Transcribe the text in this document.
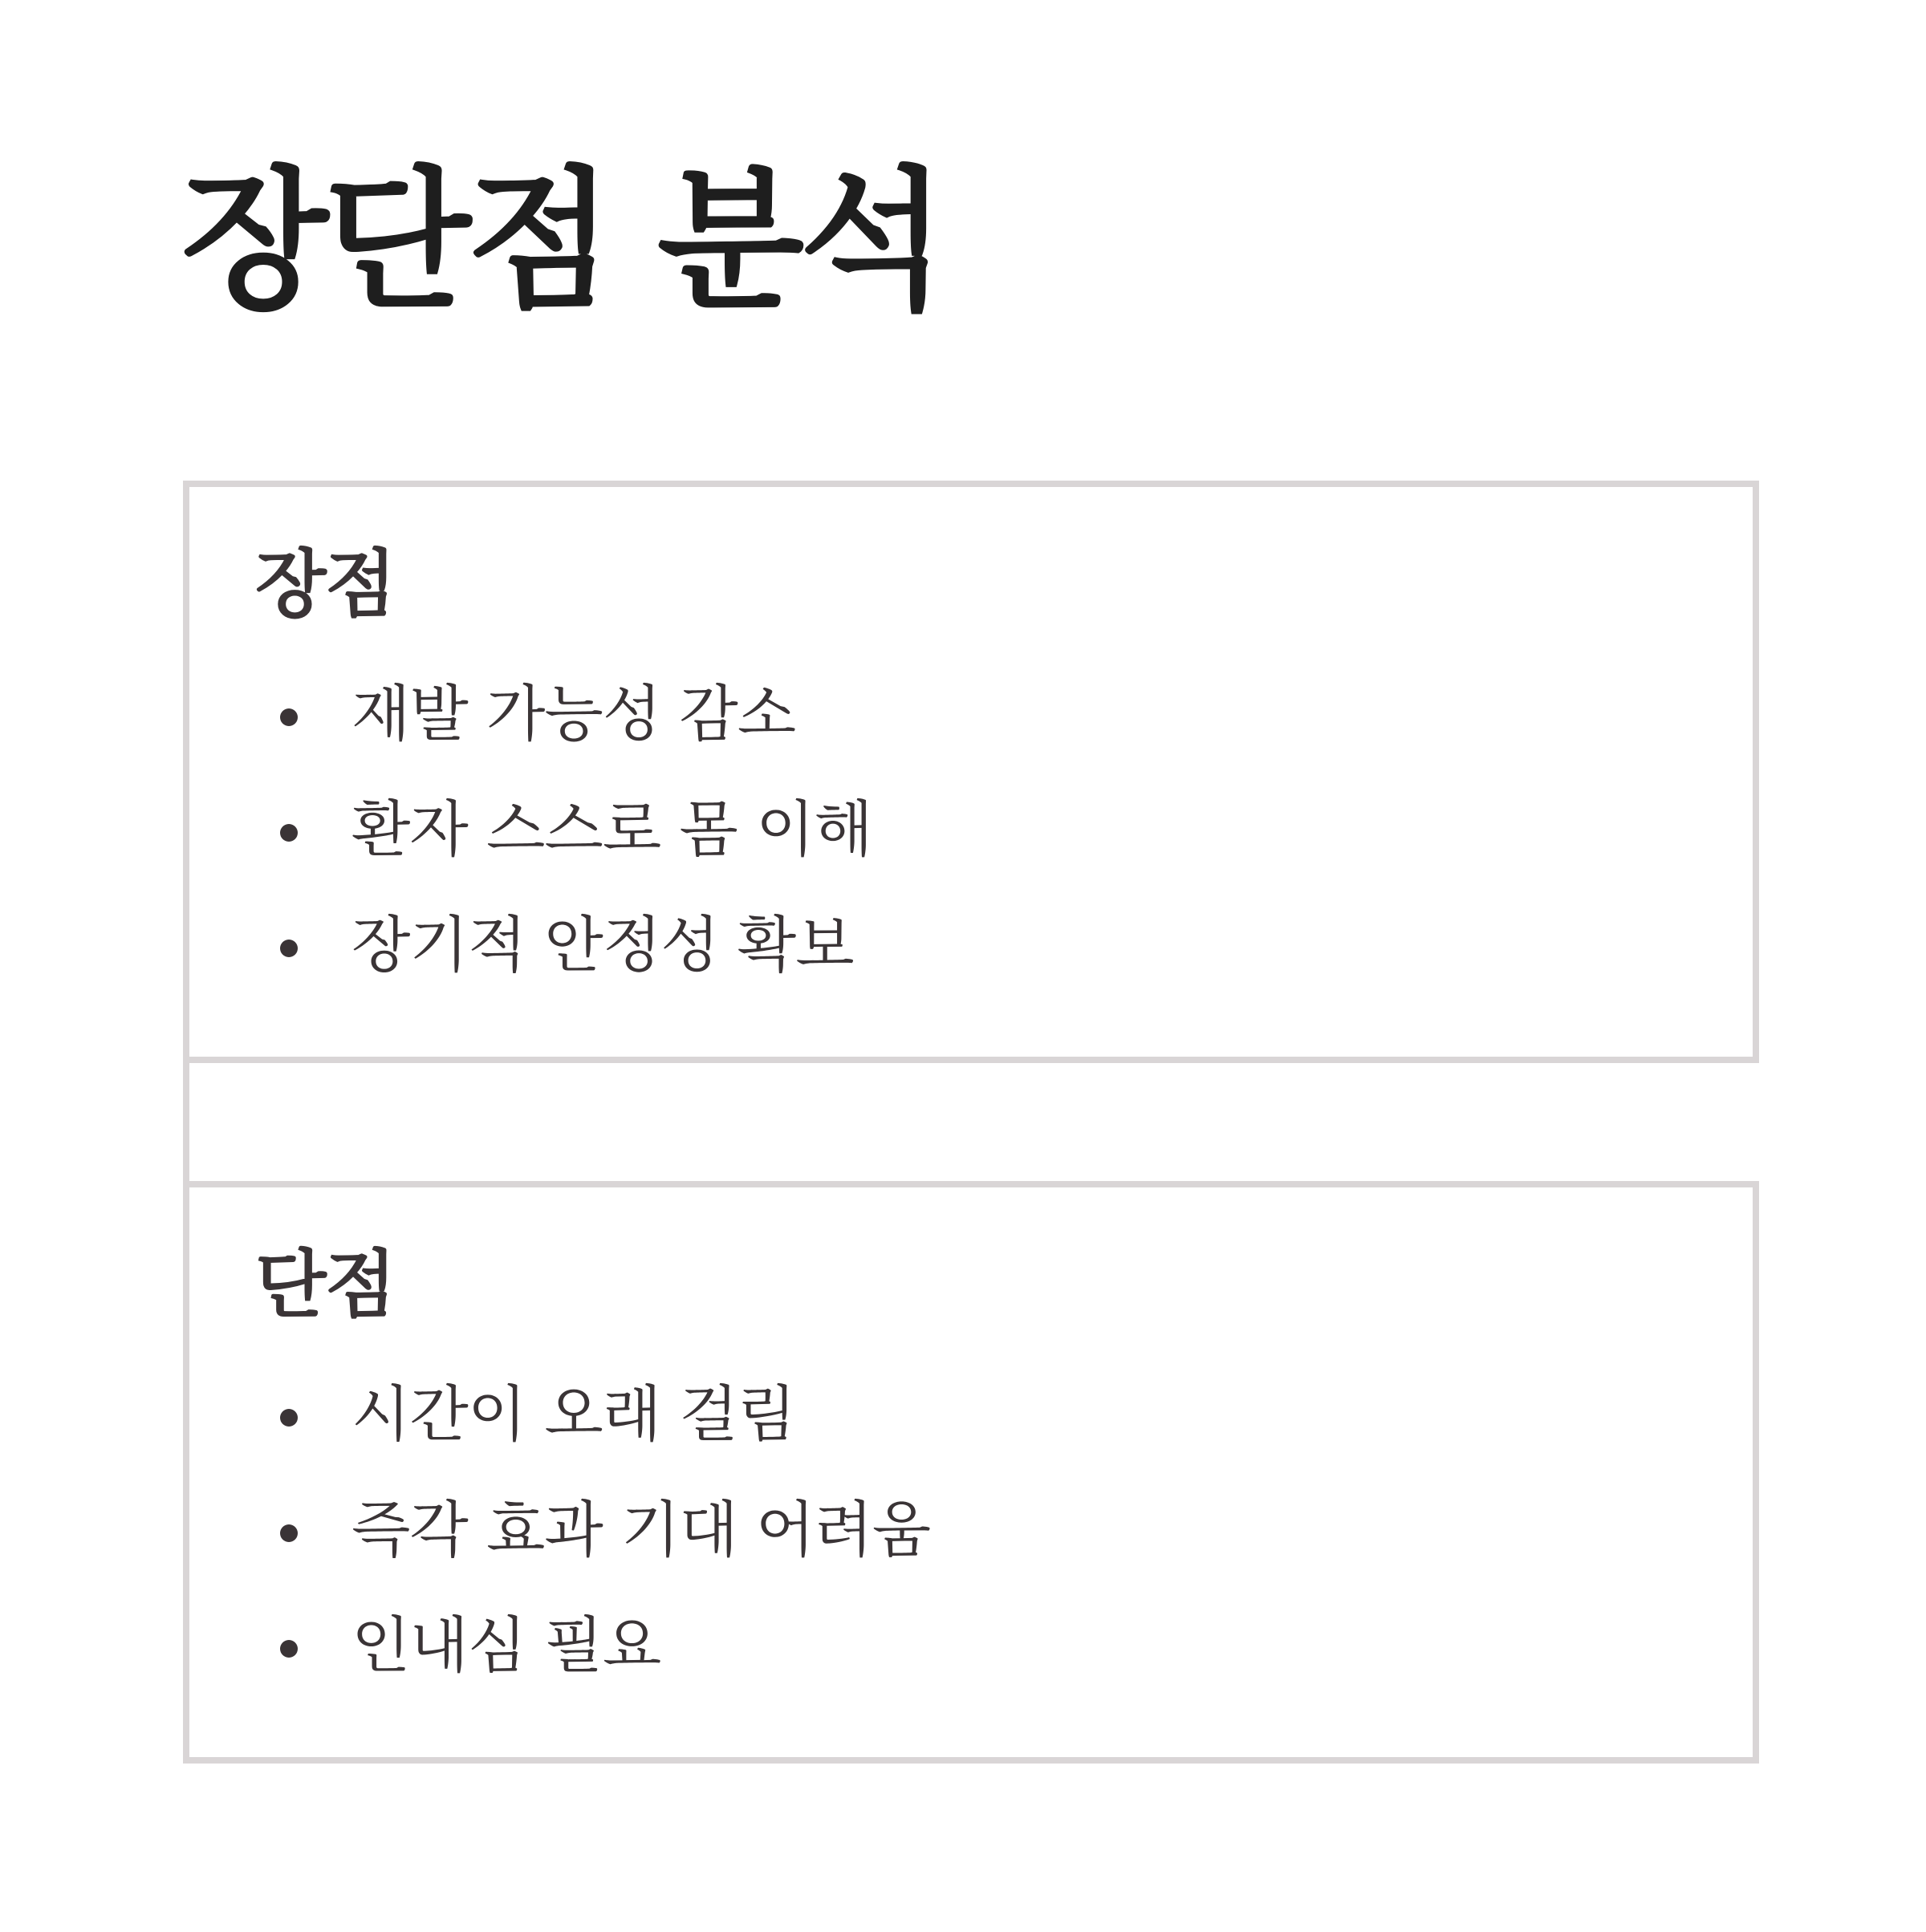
장단점 분석
장점
재발 가능성 감소
환자 스스로 몸 이해
장기적 안정성 확보
단점
시간이 오래 걸림
즉각 효과 기대 어려움
인내심 필요
